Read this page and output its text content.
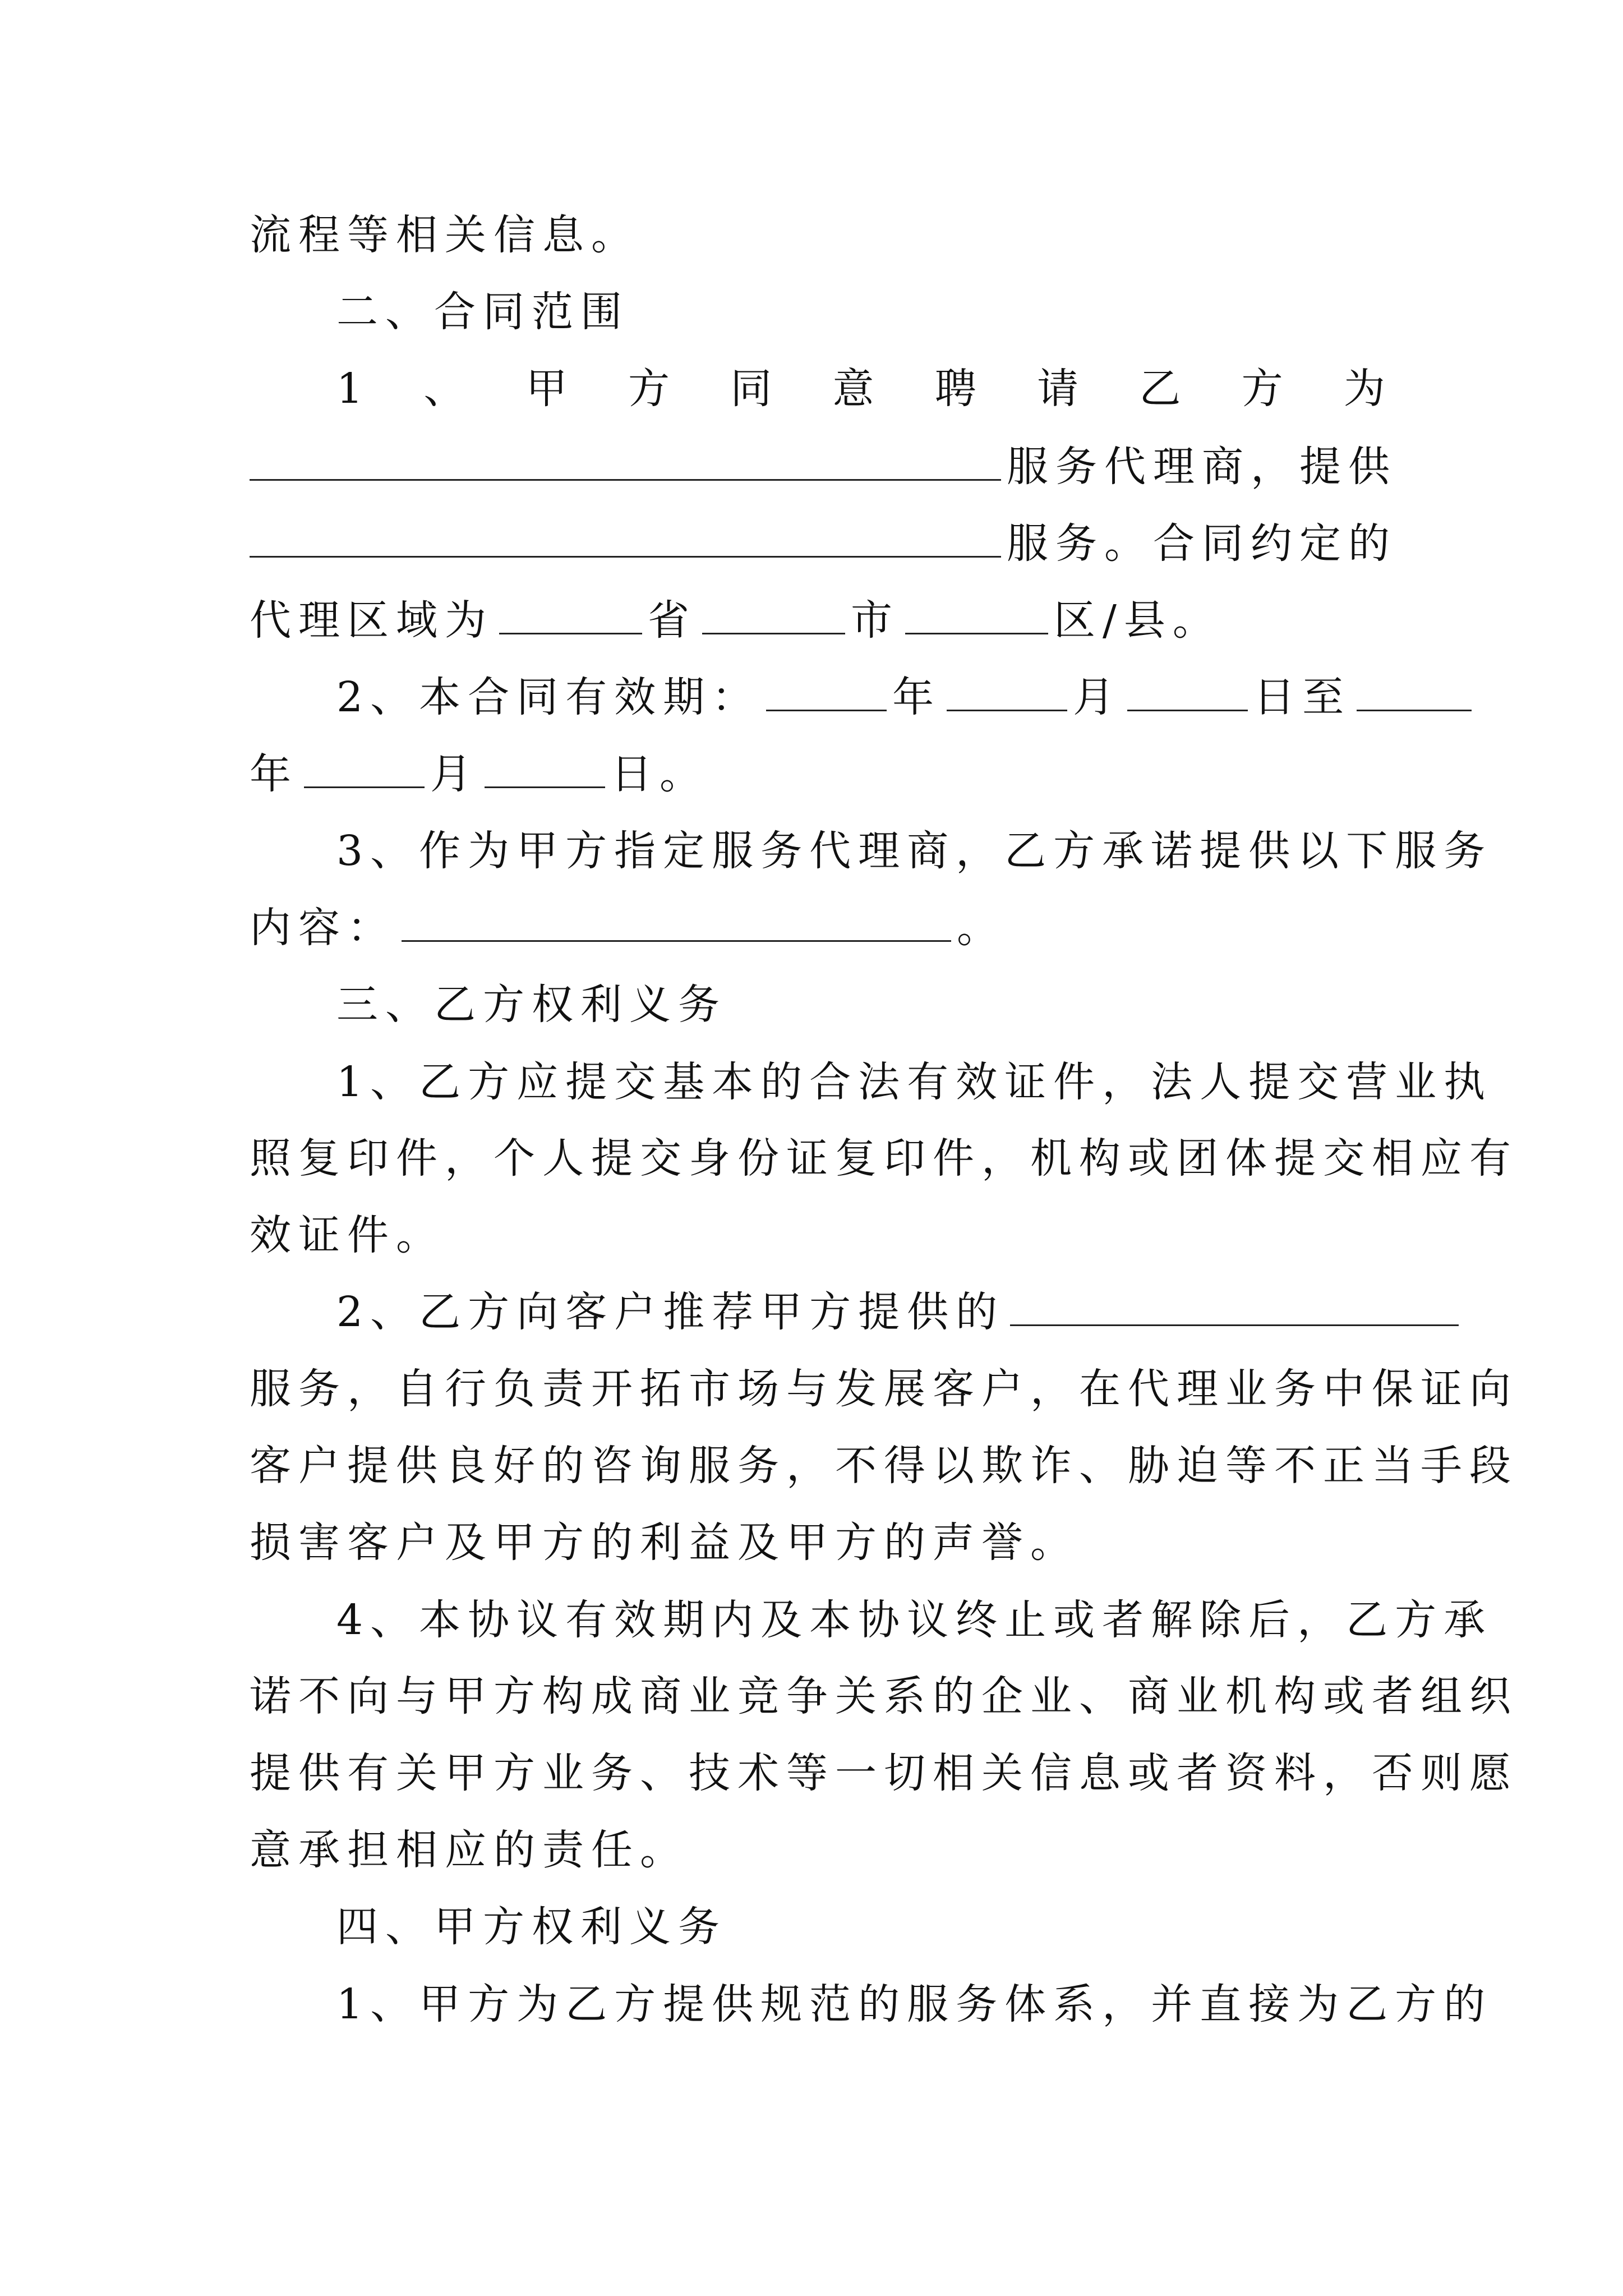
流程等相关信息。
二、合同范围
1 、 甲 方 同 意 聘 请 乙 方 为
服务代理商，提供
服务。合同约定的
代理区域为	省	市	区/县。
2、本合同有效期：	年	月	日至
年	月	日。
3、作为甲方指定服务代理商，乙方承诺提供以下服务
内容：	。
三、乙方权利义务
1、乙方应提交基本的合法有效证件，法人提交营业执
照复印件，个人提交身份证复印件，机构或团体提交相应有
效证件。
2、乙方向客户推荐甲方提供的
服务，自行负责开拓市场与发展客户，在代理业务中保证向
客户提供良好的咨询服务，不得以欺诈、胁迫等不正当手段
损害客户及甲方的利益及甲方的声誉。
4、本协议有效期内及本协议终止或者解除后，乙方承
诺不向与甲方构成商业竞争关系的企业、商业机构或者组织
提供有关甲方业务、技术等一切相关信息或者资料，否则愿
意承担相应的责任。
四、甲方权利义务
1、甲方为乙方提供规范的服务体系，并直接为乙方的
